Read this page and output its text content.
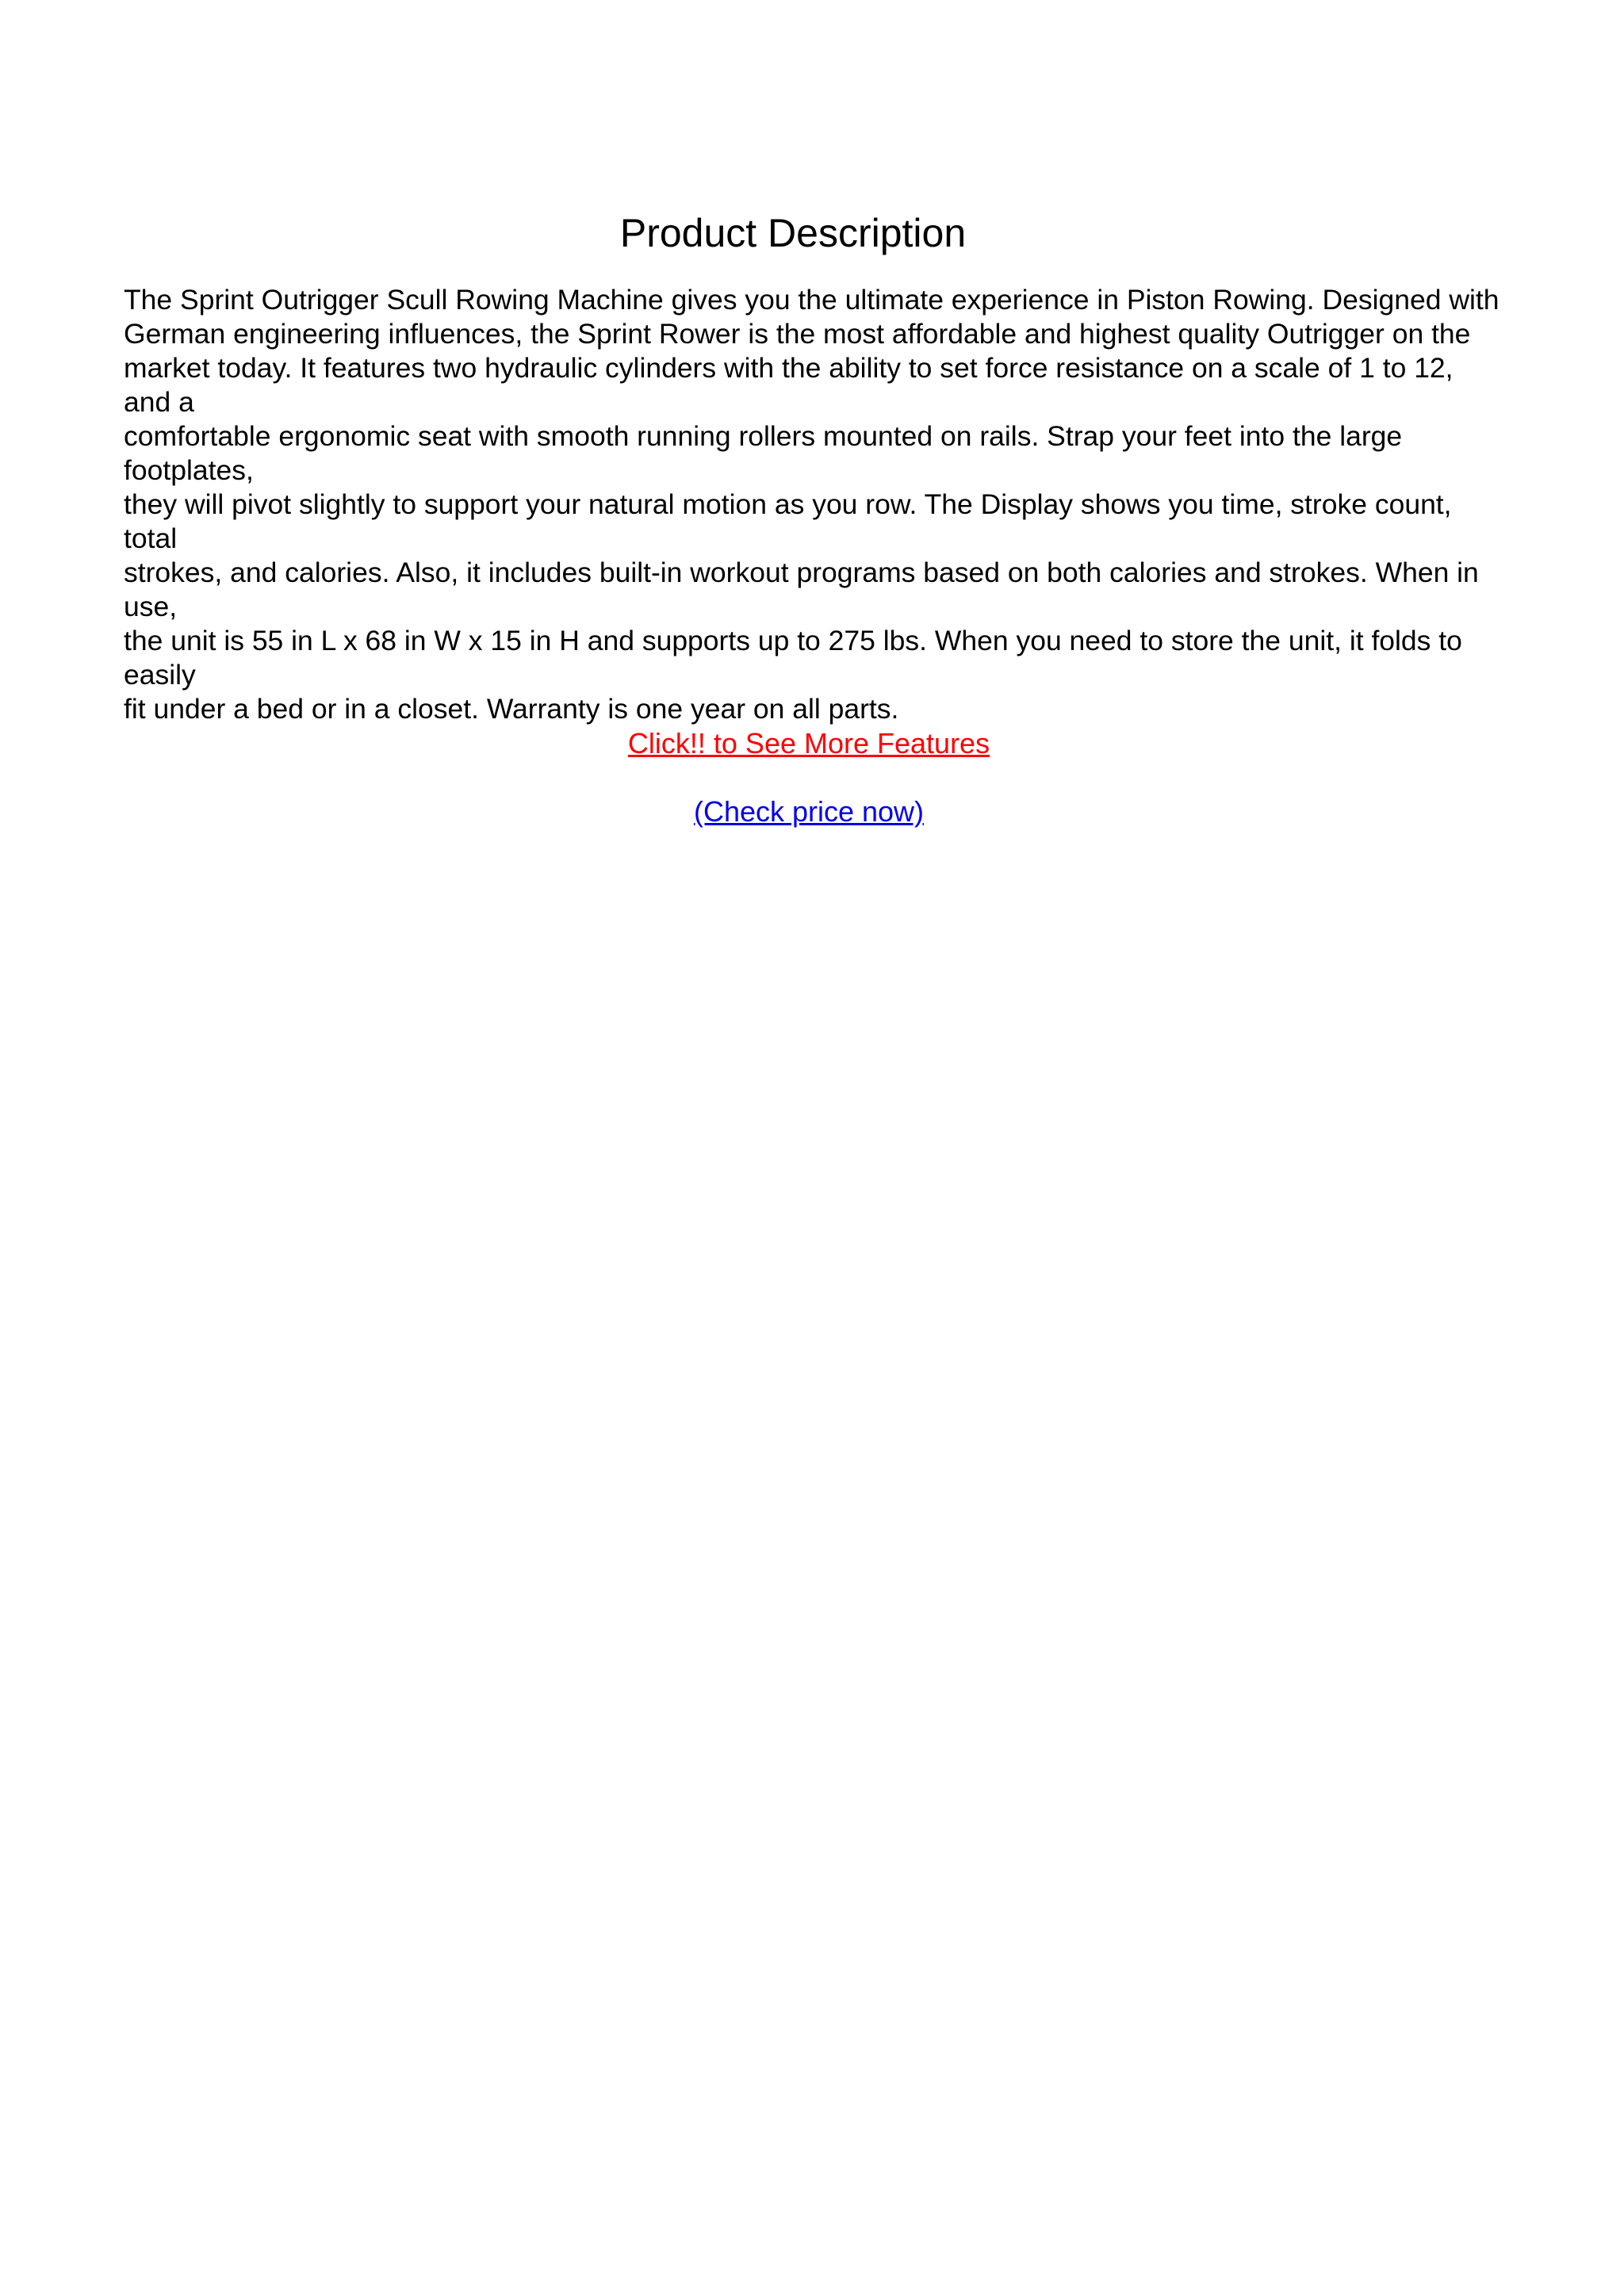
Product Description

The Sprint Outrigger Scull Rowing Machine gives you the ultimate experience in Piston Rowing. Designed with
German engineering influences, the Sprint Rower is the most affordable and highest quality Outrigger on the
market today. It features two hydraulic cylinders with the ability to set force resistance on a scale of 1 to 12, and a
comfortable ergonomic seat with smooth running rollers mounted on rails. Strap your feet into the large footplates,
they will pivot slightly to support your natural motion as you row. The Display shows you time, stroke count, total
strokes, and calories. Also, it includes built-in workout programs based on both calories and strokes. When in use,
the unit is 55 in L x 68 in W x 15 in H and supports up to 275 lbs. When you need to store the unit, it folds to easily
fit under a bed or in a closet. Warranty is one year on all parts.

Click!! to See More Features
(Check price now)
